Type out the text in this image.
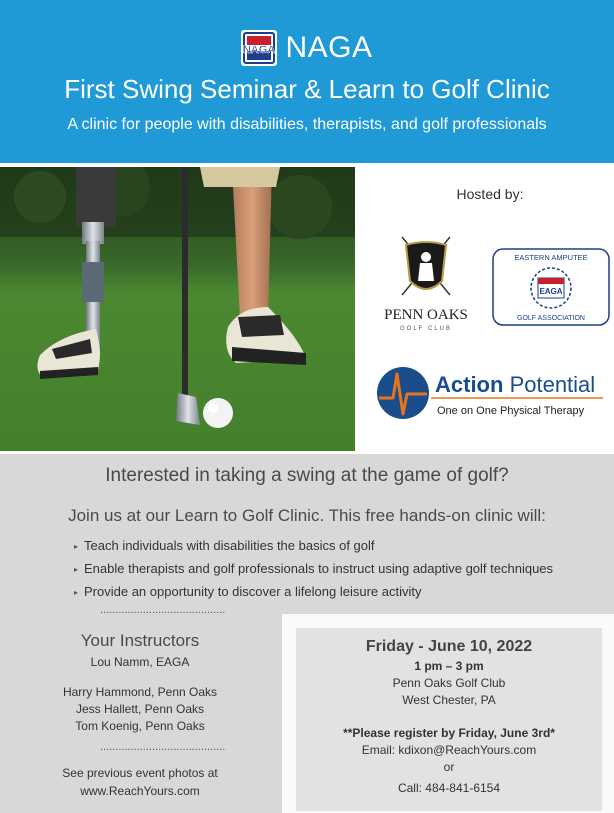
NAGA NAGA
First Swing Seminar & Learn to Golf Clinic
A clinic for people with disabilities, therapists, and golf professionals
Hosted by:
PENN OAKS
GOLF CLUB
EASTERN AMPUTEE
EAGA
GOLF ASSOCIATION
Action Potential
One on One Physical Therapy
Interested in taking a swing at the game of golf?
Join us at our Learn to Golf Clinic. This free hands-on clinic will:
▸ Teach individuals with disabilities the basics of golf
▸ Enable therapists and golf professionals to instruct using adaptive golf techniques
▸ Provide an opportunity to discover a lifelong leisure activity
.........................................
Your Instructors
Lou Namm, EAGA
Harry Hammond, Penn Oaks
Jess Hallett, Penn Oaks
Tom Koenig, Penn Oaks
.........................................
See previous event photos at
www.ReachYours.com
Friday - June 10, 2022
1 pm – 3 pm
Penn Oaks Golf Club
West Chester, PA
**Please register by Friday, June 3rd*
Email: kdixon@ReachYours.com
or
Call: 484-841-6154
